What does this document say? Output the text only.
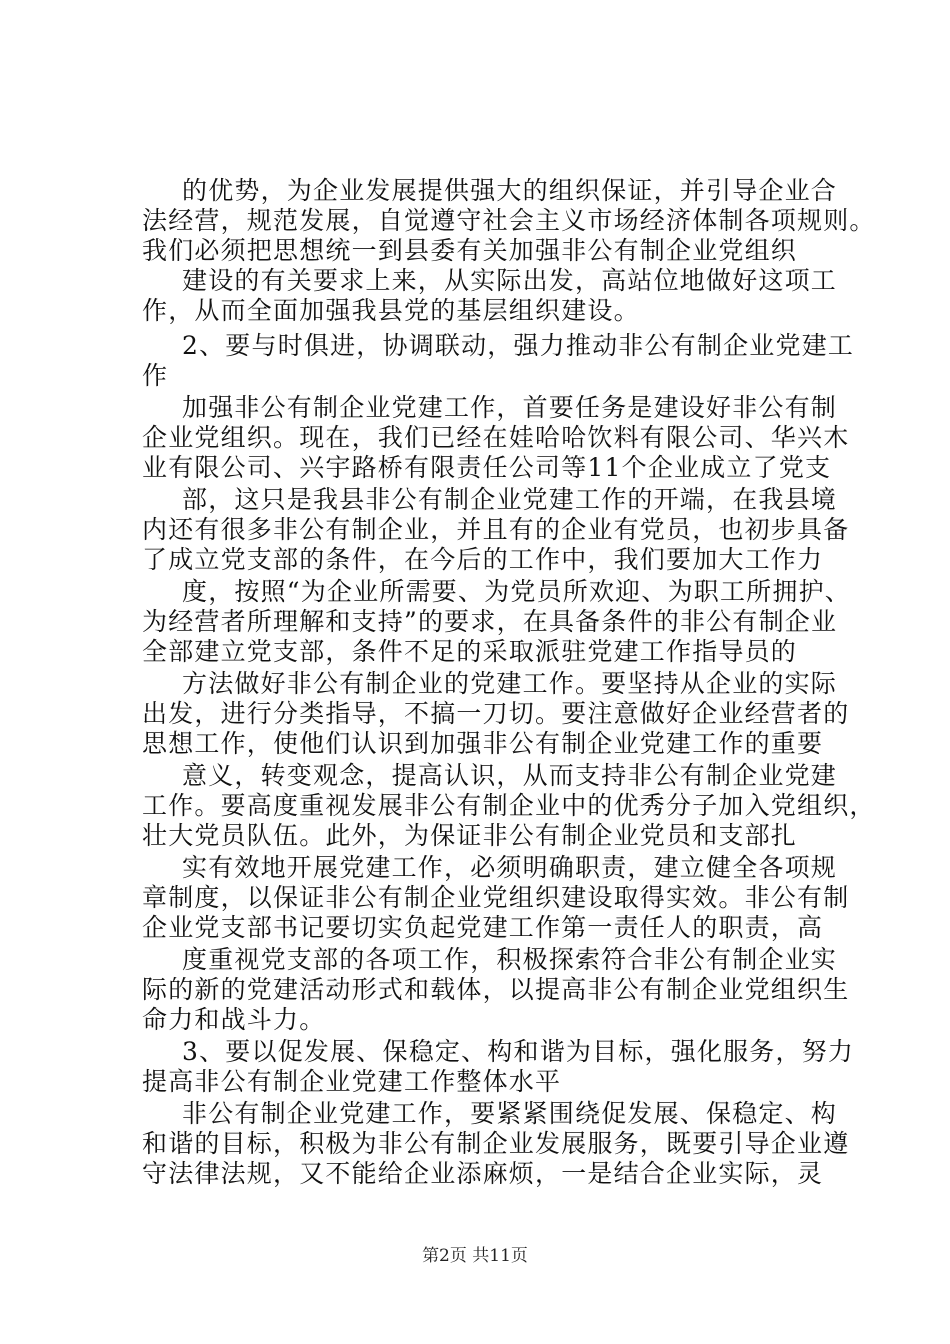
的优势，为企业发展提供强大的组织保证，并引导企业合
法经营，规范发展，自觉遵守社会主义市场经济体制各项规则。
我们必须把思想统一到县委有关加强非公有制企业党组织
建设的有关要求上来，从实际出发，高站位地做好这项工
作，从而全面加强我县党的基层组织建设。
2、要与时俱进，协调联动，强力推动非公有制企业党建工
作
加强非公有制企业党建工作，首要任务是建设好非公有制
企业党组织。现在，我们已经在娃哈哈饮料有限公司、华兴木
业有限公司、兴宇路桥有限责任公司等11个企业成立了党支
部，这只是我县非公有制企业党建工作的开端，在我县境
内还有很多非公有制企业，并且有的企业有党员，也初步具备
了成立党支部的条件，在今后的工作中，我们要加大工作力
度，按照“为企业所需要、为党员所欢迎、为职工所拥护、
为经营者所理解和支持”的要求，在具备条件的非公有制企业
全部建立党支部，条件不足的采取派驻党建工作指导员的
方法做好非公有制企业的党建工作。要坚持从企业的实际
出发，进行分类指导，不搞一刀切。要注意做好企业经营者的
思想工作，使他们认识到加强非公有制企业党建工作的重要
意义，转变观念，提高认识，从而支持非公有制企业党建
工作。要高度重视发展非公有制企业中的优秀分子加入党组织，
壮大党员队伍。此外，为保证非公有制企业党员和支部扎
实有效地开展党建工作，必须明确职责，建立健全各项规
章制度，以保证非公有制企业党组织建设取得实效。非公有制
企业党支部书记要切实负起党建工作第一责任人的职责，高
度重视党支部的各项工作，积极探索符合非公有制企业实
际的新的党建活动形式和载体，以提高非公有制企业党组织生
命力和战斗力。
3、要以促发展、保稳定、构和谐为目标，强化服务，努力
提高非公有制企业党建工作整体水平
非公有制企业党建工作，要紧紧围绕促发展、保稳定、构
和谐的目标，积极为非公有制企业发展服务，既要引导企业遵
守法律法规，又不能给企业添麻烦，一是结合企业实际，灵
第2页 共11页
